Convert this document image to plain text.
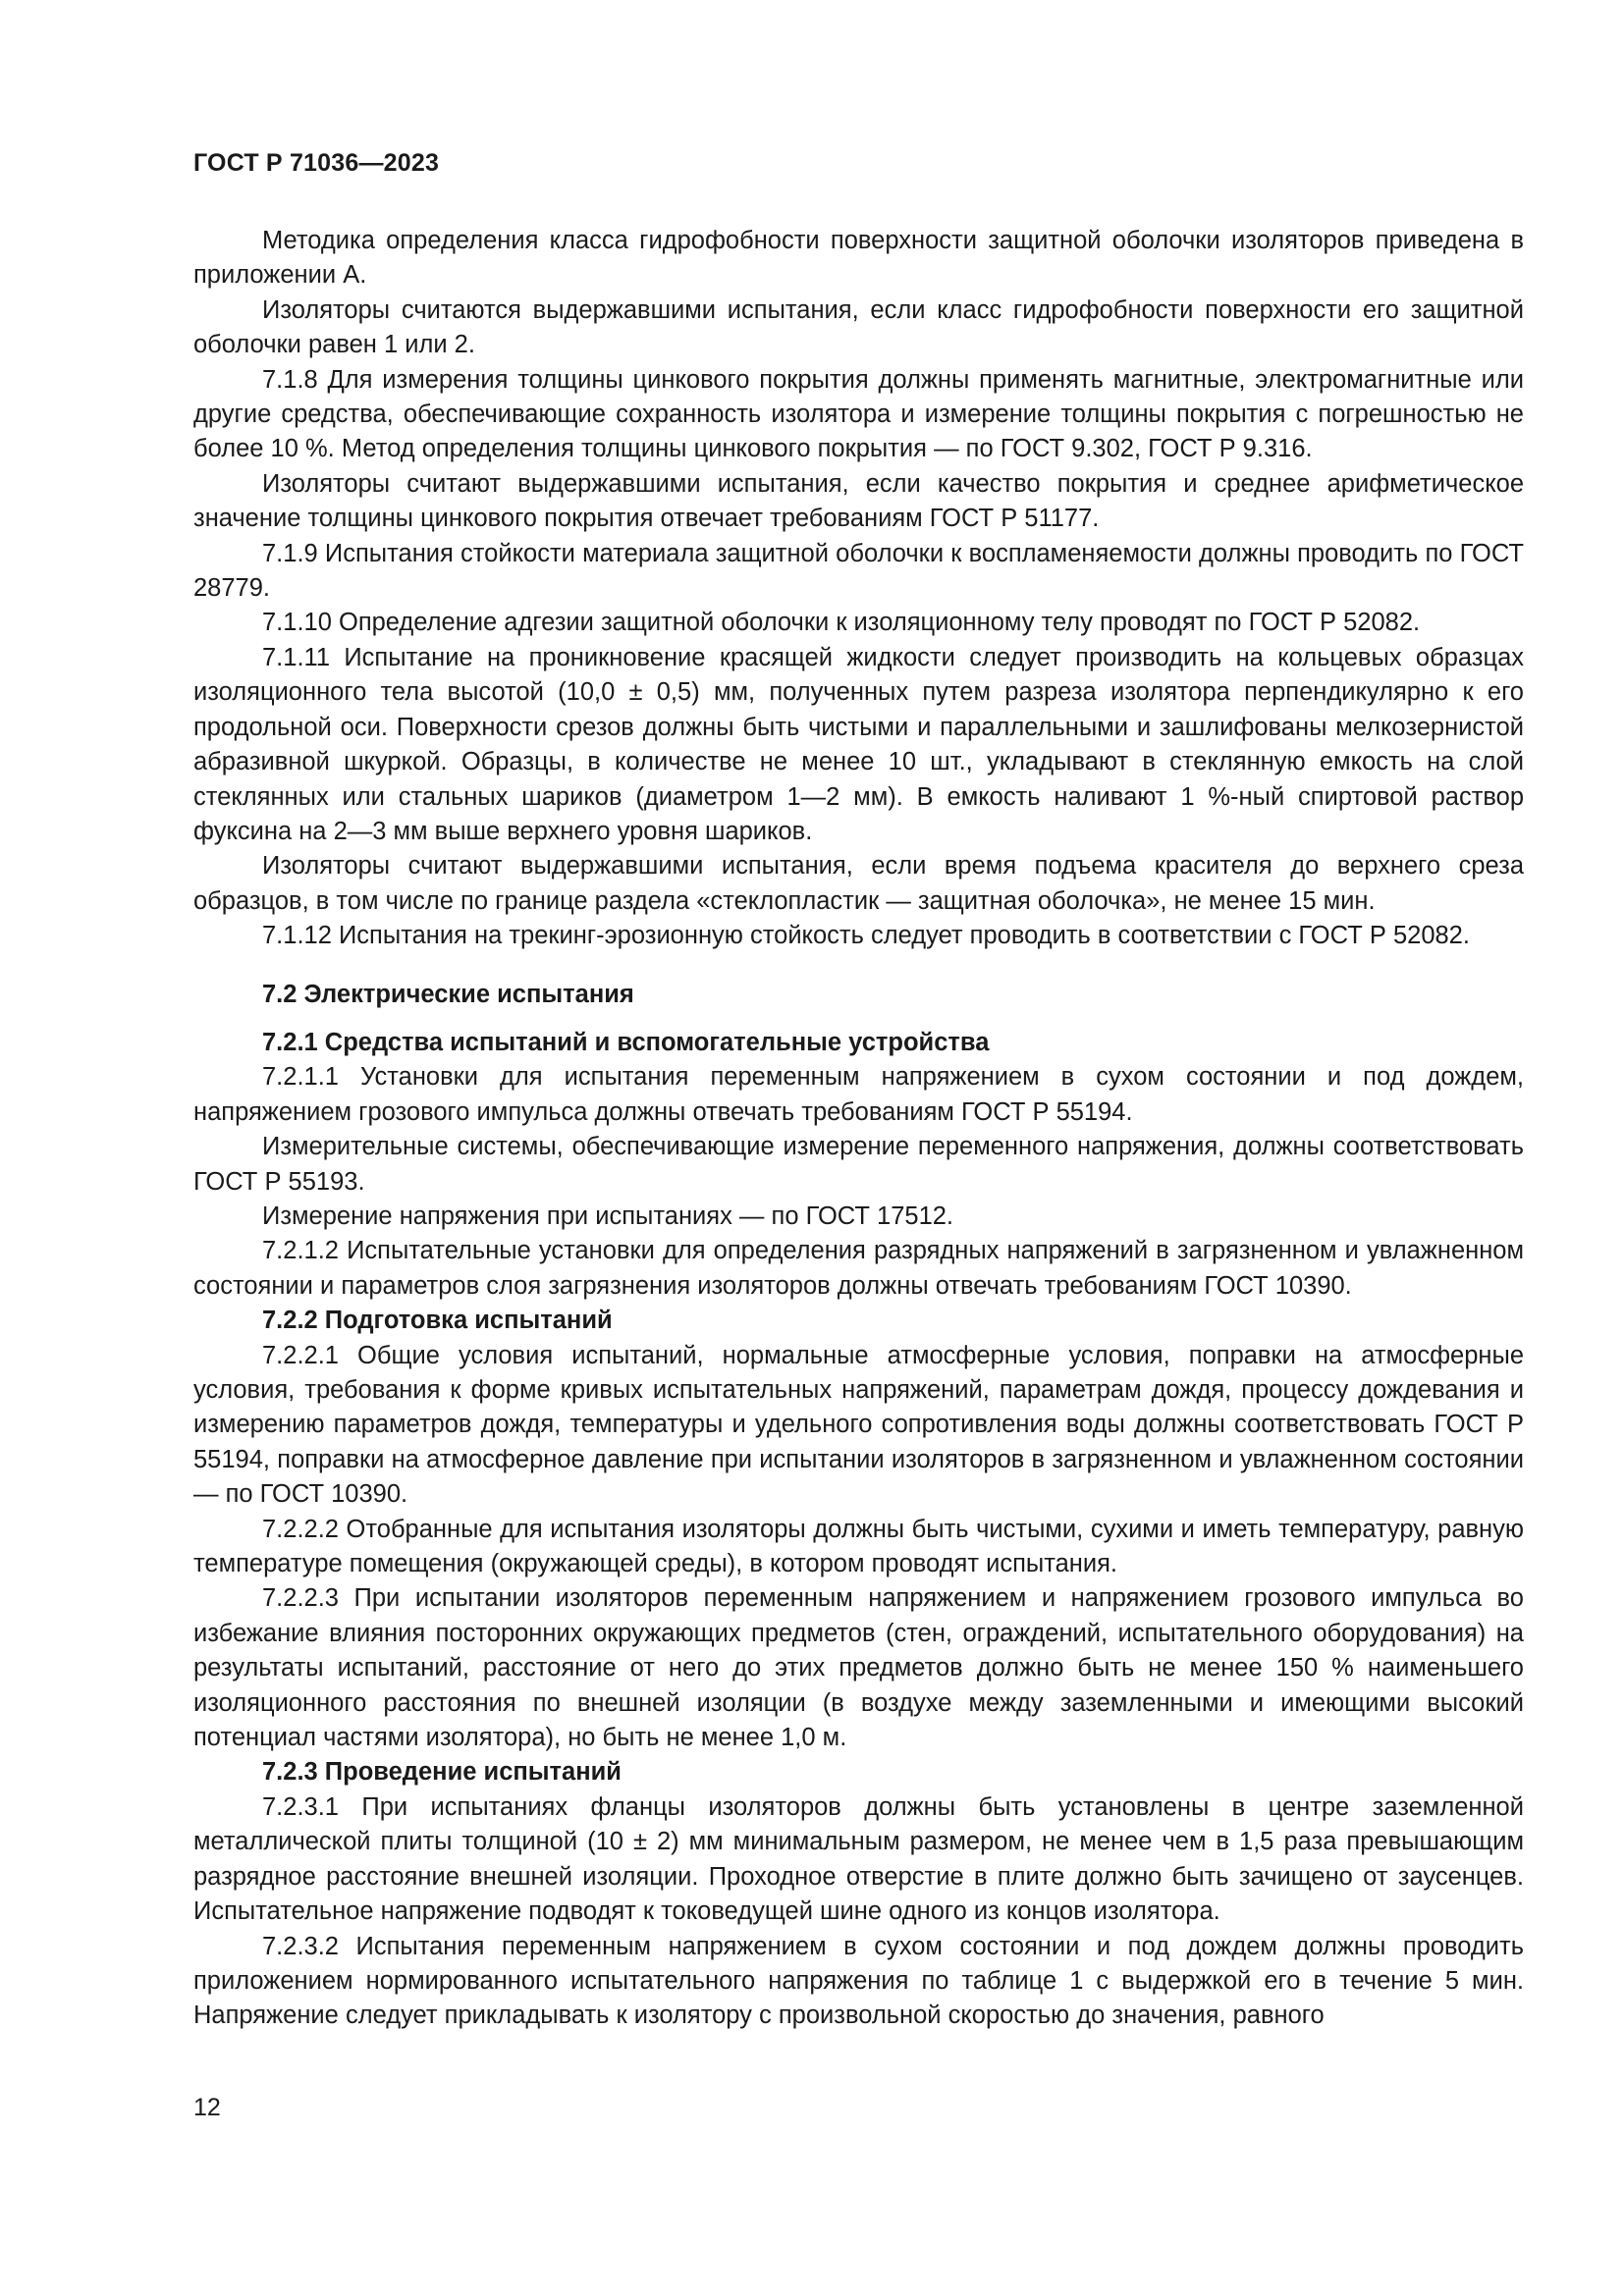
ГОСТ Р 71036—2023

Методика определения класса гидрофобности поверхности защитной оболочки изоляторов приведена в приложении А.

Изоляторы считаются выдержавшими испытания, если класс гидрофобности поверхности его защитной оболочки равен 1 или 2.

7.1.8 Для измерения толщины цинкового покрытия должны применять магнитные, электромагнитные или другие средства, обеспечивающие сохранность изолятора и измерение толщины покрытия с погрешностью не более 10 %. Метод определения толщины цинкового покрытия — по ГОСТ 9.302, ГОСТ Р 9.316.

Изоляторы считают выдержавшими испытания, если качество покрытия и среднее арифметическое значение толщины цинкового покрытия отвечает требованиям ГОСТ Р 51177.

7.1.9 Испытания стойкости материала защитной оболочки к воспламеняемости должны проводить по ГОСТ 28779.

7.1.10 Определение адгезии защитной оболочки к изоляционному телу проводят по ГОСТ Р 52082.

7.1.11 Испытание на проникновение красящей жидкости следует производить на кольцевых образцах изоляционного тела высотой (10,0 ± 0,5) мм, полученных путем разреза изолятора перпендикулярно к его продольной оси. Поверхности срезов должны быть чистыми и параллельными и зашлифованы мелкозернистой абразивной шкуркой. Образцы, в количестве не менее 10 шт., укладывают в стеклянную емкость на слой стеклянных или стальных шариков (диаметром 1—2 мм). В емкость наливают 1 %-ный спиртовой раствор фуксина на 2—3 мм выше верхнего уровня шариков.

Изоляторы считают выдержавшими испытания, если время подъема красителя до верхнего среза образцов, в том числе по границе раздела «стеклопластик — защитная оболочка», не менее 15 мин.

7.1.12 Испытания на трекинг-эрозионную стойкость следует проводить в соответствии с ГОСТ Р 52082.

7.2 Электрические испытания
7.2.1 Средства испытаний и вспомогательные устройства

7.2.1.1 Установки для испытания переменным напряжением в сухом состоянии и под дождем, напряжением грозового импульса должны отвечать требованиям ГОСТ Р 55194.

Измерительные системы, обеспечивающие измерение переменного напряжения, должны соответствовать ГОСТ Р 55193.

Измерение напряжения при испытаниях — по ГОСТ 17512.

7.2.1.2 Испытательные установки для определения разрядных напряжений в загрязненном и увлажненном состоянии и параметров слоя загрязнения изоляторов должны отвечать требованиям ГОСТ 10390.

7.2.2 Подготовка испытаний

7.2.2.1 Общие условия испытаний, нормальные атмосферные условия, поправки на атмосферные условия, требования к форме кривых испытательных напряжений, параметрам дождя, процессу дождевания и измерению параметров дождя, температуры и удельного сопротивления воды должны соответствовать ГОСТ Р 55194, поправки на атмосферное давление при испытании изоляторов в загрязненном и увлажненном состоянии — по ГОСТ 10390.

7.2.2.2 Отобранные для испытания изоляторы должны быть чистыми, сухими и иметь температуру, равную температуре помещения (окружающей среды), в котором проводят испытания.

7.2.2.3 При испытании изоляторов переменным напряжением и напряжением грозового импульса во избежание влияния посторонних окружающих предметов (стен, ограждений, испытательного оборудования) на результаты испытаний, расстояние от него до этих предметов должно быть не менее 150 % наименьшего изоляционного расстояния по внешней изоляции (в воздухе между заземленными и имеющими высокий потенциал частями изолятора), но быть не менее 1,0 м.

7.2.3 Проведение испытаний

7.2.3.1 При испытаниях фланцы изоляторов должны быть установлены в центре заземленной металлической плиты толщиной (10 ± 2) мм минимальным размером, не менее чем в 1,5 раза превышающим разрядное расстояние внешней изоляции. Проходное отверстие в плите должно быть зачищено от заусенцев. Испытательное напряжение подводят к токоведущей шине одного из концов изолятора.

7.2.3.2 Испытания переменным напряжением в сухом состоянии и под дождем должны проводить приложением нормированного испытательного напряжения по таблице 1 с выдержкой его в течение 5 мин. Напряжение следует прикладывать к изолятору с произвольной скоростью до значения, равного

12
